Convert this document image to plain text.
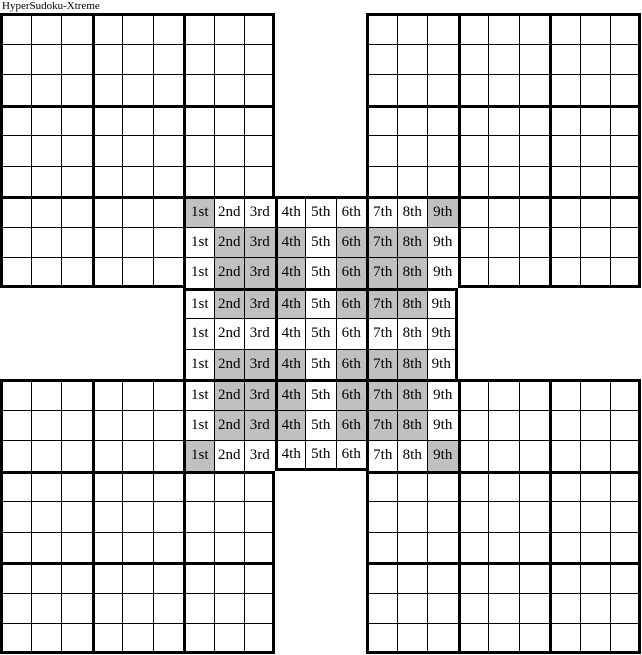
HyperSudoku-Xtreme
1st 2nd 3rd 4th 5th 6th 7th 8th 9th
1st 2nd 3rd 4th 5th 6th 7th 8th 9th
1st 2nd 3rd 4th 5th 6th 7th 8th 9th
1st 2nd 3rd 4th 5th 6th 7th 8th 9th
1st 2nd 3rd 4th 5th 6th 7th 8th 9th
1st 2nd 3rd 4th 5th 6th 7th 8th 9th
1st 2nd 3rd 4th 5th 6th 7th 8th 9th
1st 2nd 3rd 4th 5th 6th 7th 8th 9th
1st 2nd 3rd 4th 5th 6th 7th 8th 9th
